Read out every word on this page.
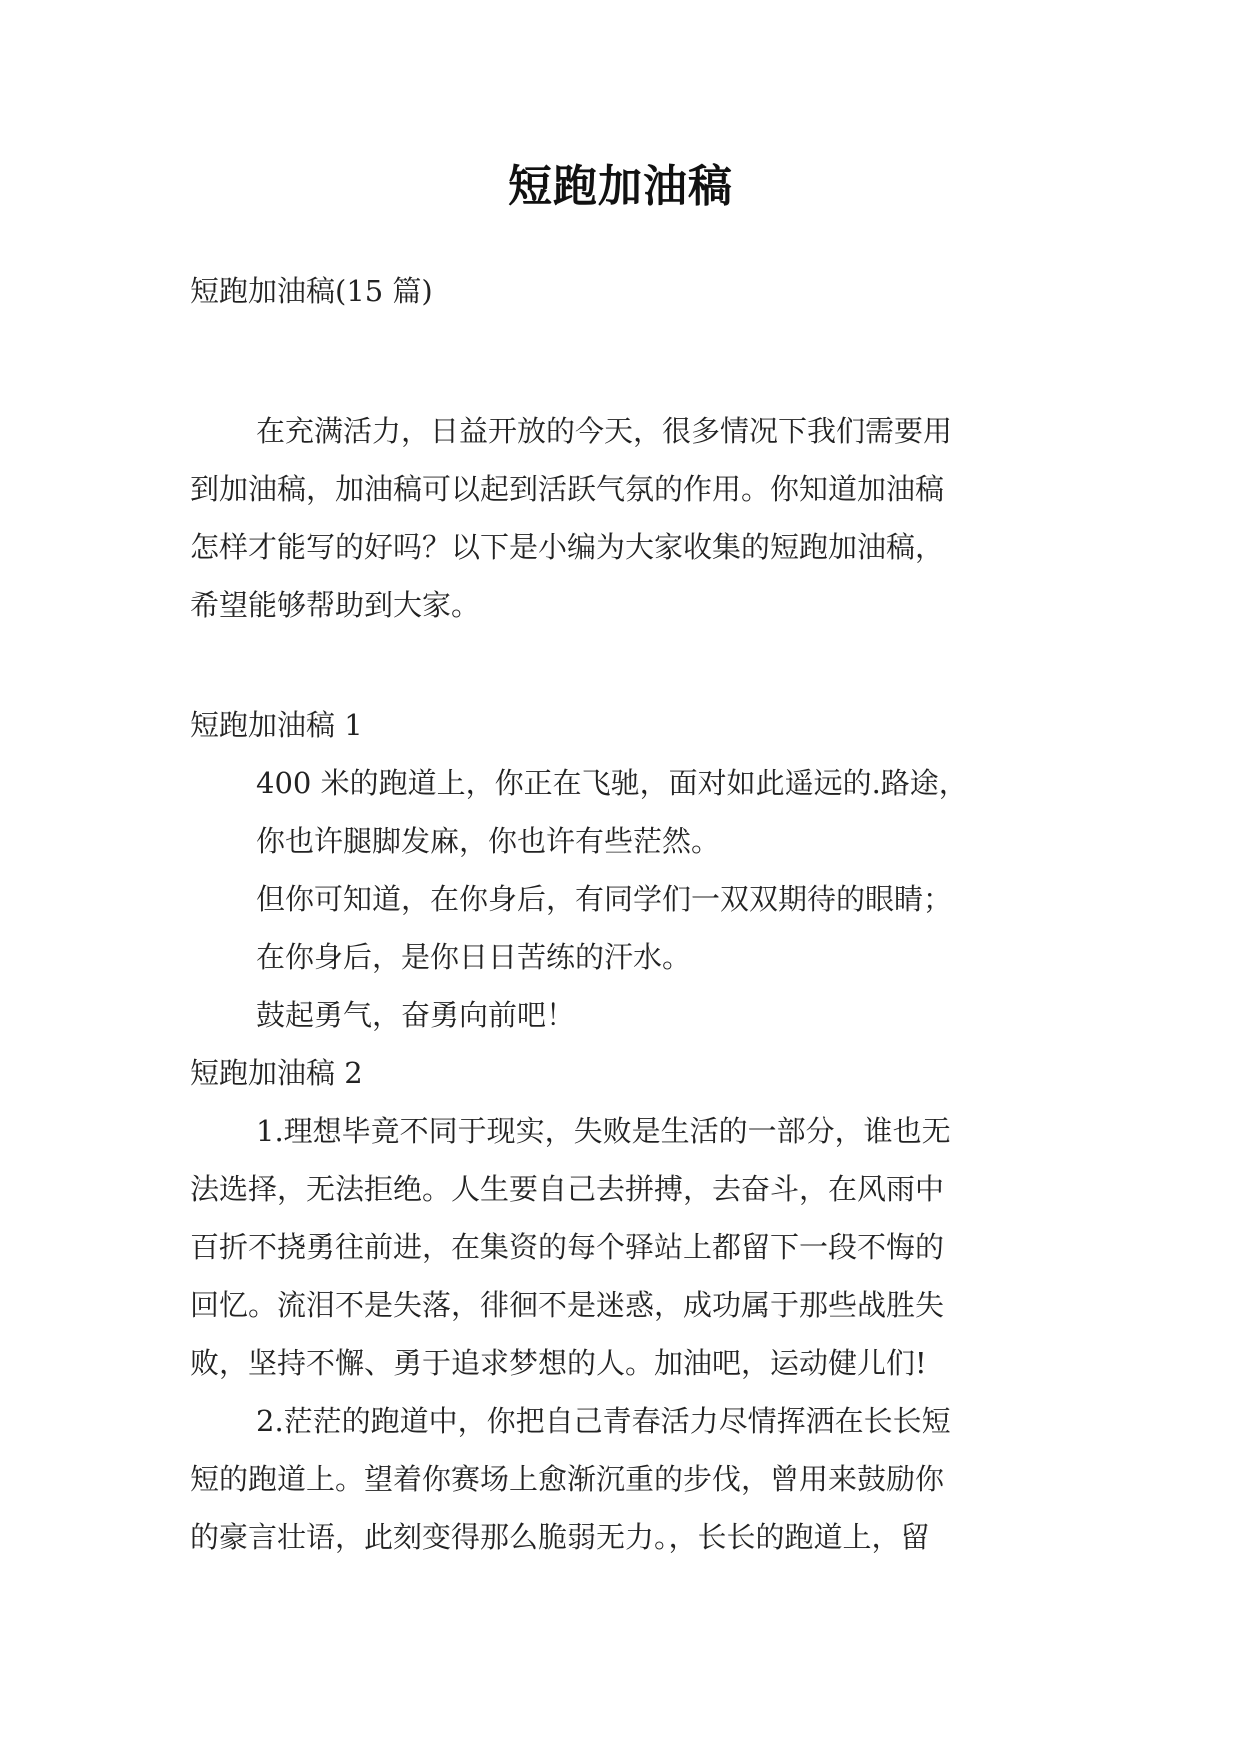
短跑加油稿
短跑加油稿(15 篇)
在充满活力，日益开放的今天，很多情况下我们需要用
到加油稿，加油稿可以起到活跃气氛的作用。你知道加油稿
怎样才能写的好吗？以下是小编为大家收集的短跑加油稿，
希望能够帮助到大家。
短跑加油稿 1
400 米的跑道上，你正在飞驰，面对如此遥远的.路途，
你也许腿脚发麻，你也许有些茫然。
但你可知道，在你身后，有同学们一双双期待的眼睛；
在你身后，是你日日苦练的汗水。
鼓起勇气，奋勇向前吧！
短跑加油稿 2
1.理想毕竟不同于现实，失败是生活的一部分，谁也无
法选择，无法拒绝。人生要自己去拼搏，去奋斗，在风雨中
百折不挠勇往前进，在集资的每个驿站上都留下一段不悔的
回忆。流泪不是失落，徘徊不是迷惑，成功属于那些战胜失
败，坚持不懈、勇于追求梦想的人。加油吧，运动健儿们!
2.茫茫的跑道中，你把自己青春活力尽情挥洒在长长短
短的跑道上。望着你赛场上愈渐沉重的步伐，曾用来鼓励你
的豪言壮语，此刻变得那么脆弱无力。，长长的跑道上，留
